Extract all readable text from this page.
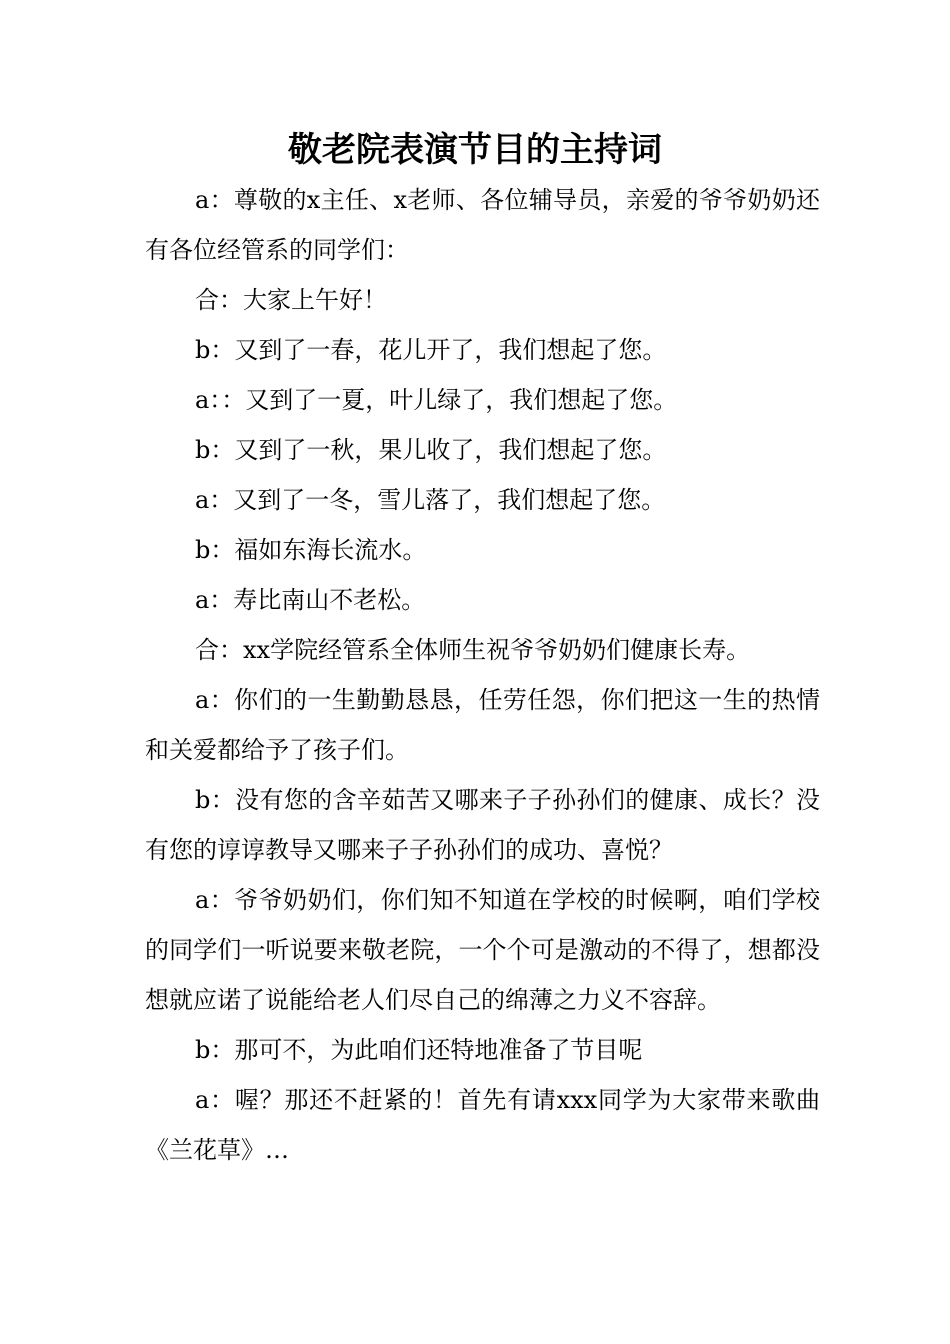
敬老院表演节目的主持词

a：尊敬的x主任、x老师、各位辅导员，亲爱的爷爷奶奶还有各位经管系的同学们：

合：大家上午好！

b：又到了一春，花儿开了，我们想起了您。

a：：又到了一夏，叶儿绿了，我们想起了您。

b：又到了一秋，果儿收了，我们想起了您。

a：又到了一冬，雪儿落了，我们想起了您。

b：福如东海长流水。

a：寿比南山不老松。

合：xx学院经管系全体师生祝爷爷奶奶们健康长寿。

a：你们的一生勤勤恳恳，任劳任怨，你们把这一生的热情和关爱都给予了孩子们。

b：没有您的含辛茹苦又哪来子子孙孙们的健康、成长？没有您的谆谆教导又哪来子子孙孙们的成功、喜悦？

a：爷爷奶奶们，你们知不知道在学校的时候啊，咱们学校的同学们一听说要来敬老院，一个个可是激动的不得了，想都没想就应诺了说能给老人们尽自己的绵薄之力义不容辞。

b：那可不，为此咱们还特地准备了节目呢

a：喔？那还不赶紧的！首先有请xxx同学为大家带来歌曲《兰花草》…
